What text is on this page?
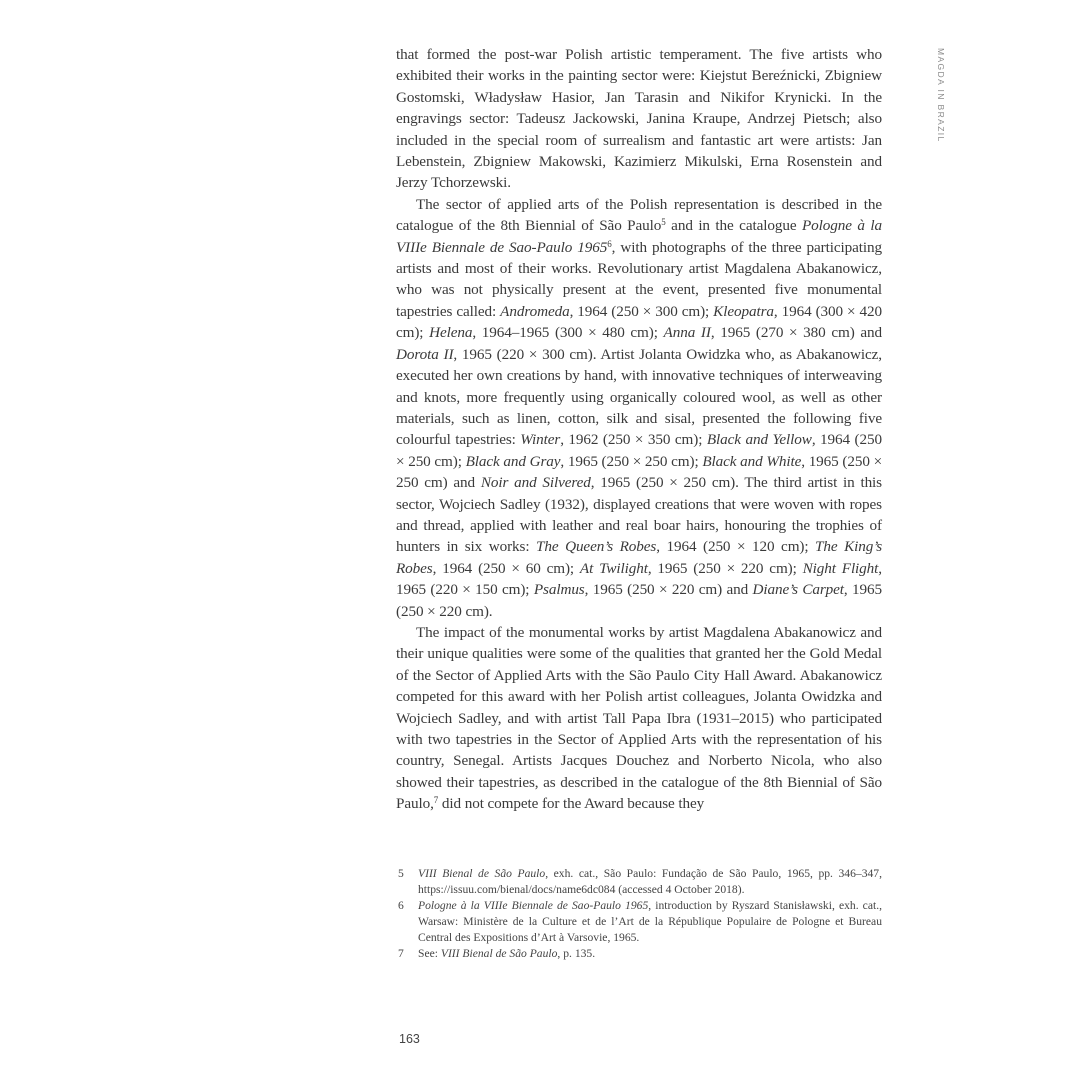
MAGDA IN BRAZIL

that formed the post-war Polish artistic temperament. The five artists who exhibited their works in the painting sector were: Kiejstut Bereźnicki, Zbigniew Gostomski, Władysław Hasior, Jan Tarasin and Nikifor Krynicki. In the engravings sector: Tadeusz Jackowski, Janina Kraupe, Andrzej Pietsch; also included in the special room of surrealism and fantastic art were artists: Jan Lebenstein, Zbigniew Makowski, Kazimierz Mikulski, Erna Rosenstein and Jerzy Tchorzewski.

The sector of applied arts of the Polish representation is described in the catalogue of the 8th Biennial of São Paulo$^5$ and in the catalogue Pologne à la VIIIe Biennale de Sao-Paulo 1965$^6$, with photographs of the three participating artists and most of their works. Revolutionary artist Magdalena Abakanowicz, who was not physically present at the event, presented five monumental tapestries called: Andromeda, 1964 (250 × 300 cm); Kleopatra, 1964 (300 × 420 cm); Helena, 1964–1965 (300 × 480 cm); Anna II, 1965 (270 × 380 cm) and Dorota II, 1965 (220 × 300 cm). Artist Jolanta Owidzka who, as Abakanowicz, executed her own creations by hand, with innovative techniques of interweaving and knots, more frequently using organically coloured wool, as well as other materials, such as linen, cotton, silk and sisal, presented the following five colourful tapestries: Winter, 1962 (250 × 350 cm); Black and Yellow, 1964 (250 × 250 cm); Black and Gray, 1965 (250 × 250 cm); Black and White, 1965 (250 × 250 cm) and Noir and Silvered, 1965 (250 × 250 cm). The third artist in this sector, Wojciech Sadley (1932), displayed creations that were woven with ropes and thread, applied with leather and real boar hairs, honouring the trophies of hunters in six works: The Queen’s Robes, 1964 (250 × 120 cm); The King’s Robes, 1964 (250 × 60 cm); At Twilight, 1965 (250 × 220 cm); Night Flight, 1965 (220 × 150 cm); Psalmus, 1965 (250 × 220 cm) and Diane’s Carpet, 1965 (250 × 220 cm).

The impact of the monumental works by artist Magdalena Abakanowicz and their unique qualities were some of the qualities that granted her the Gold Medal of the Sector of Applied Arts with the São Paulo City Hall Award. Abakanowicz competed for this award with her Polish artist colleagues, Jolanta Owidzka and Wojciech Sadley, and with artist Tall Papa Ibra (1931–2015) who participated with two tapestries in the Sector of Applied Arts with the representation of his country, Senegal. Artists Jacques Douchez and Norberto Nicola, who also showed their tapestries, as described in the catalogue of the 8th Biennial of São Paulo,$^7$ did not compete for the Award because they

5	VIII Bienal de São Paulo, exh. cat., São Paulo: Fundação de São Paulo, 1965, pp. 346–347, https://issuu.com/bienal/docs/name6dc084 (accessed 4 October 2018).
6	Pologne à la VIIIe Biennale de Sao-Paulo 1965, introduction by Ryszard Stanisławski, exh. cat., Warsaw: Ministère de la Culture et de l’Art de la République Populaire de Pologne et Bureau Central des Expositions d’Art à Varsovie, 1965.
7	See: VIII Bienal de São Paulo, p. 135.
163
